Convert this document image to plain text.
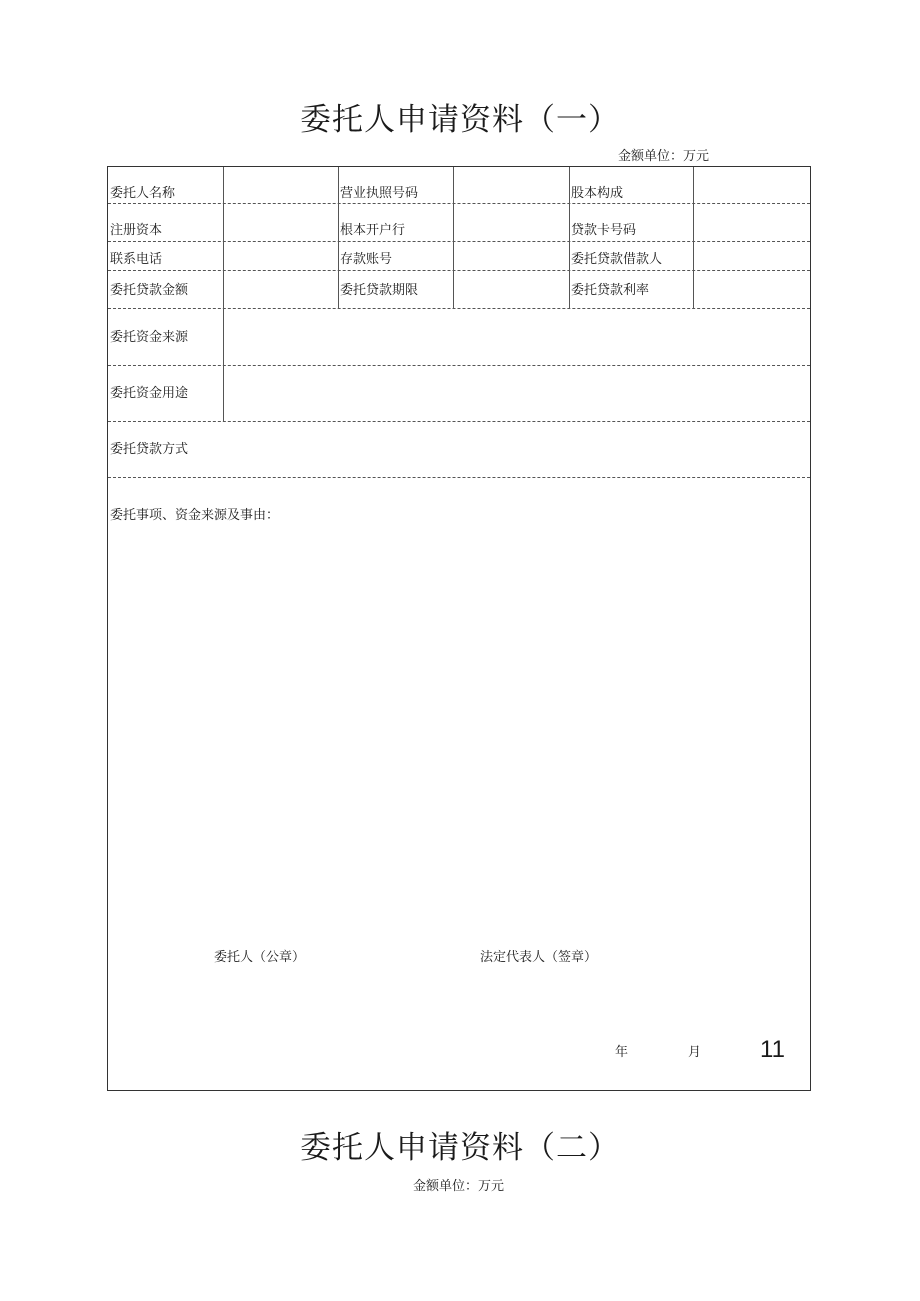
委托人申请资料（一）
金额单位：万元
委托人名称	营业执照号码	股本构成
注册资本	根本开户行	贷款卡号码
联系电话	存款账号	委托贷款借款人
委托贷款金额	委托贷款期限	委托贷款利率
委托资金来源
委托资金用途
委托贷款方式
委托事项、资金来源及事由：
委托人（公章）	法定代表人（签章）
年	月 11
委托人申请资料（二）
金额单位：万元
